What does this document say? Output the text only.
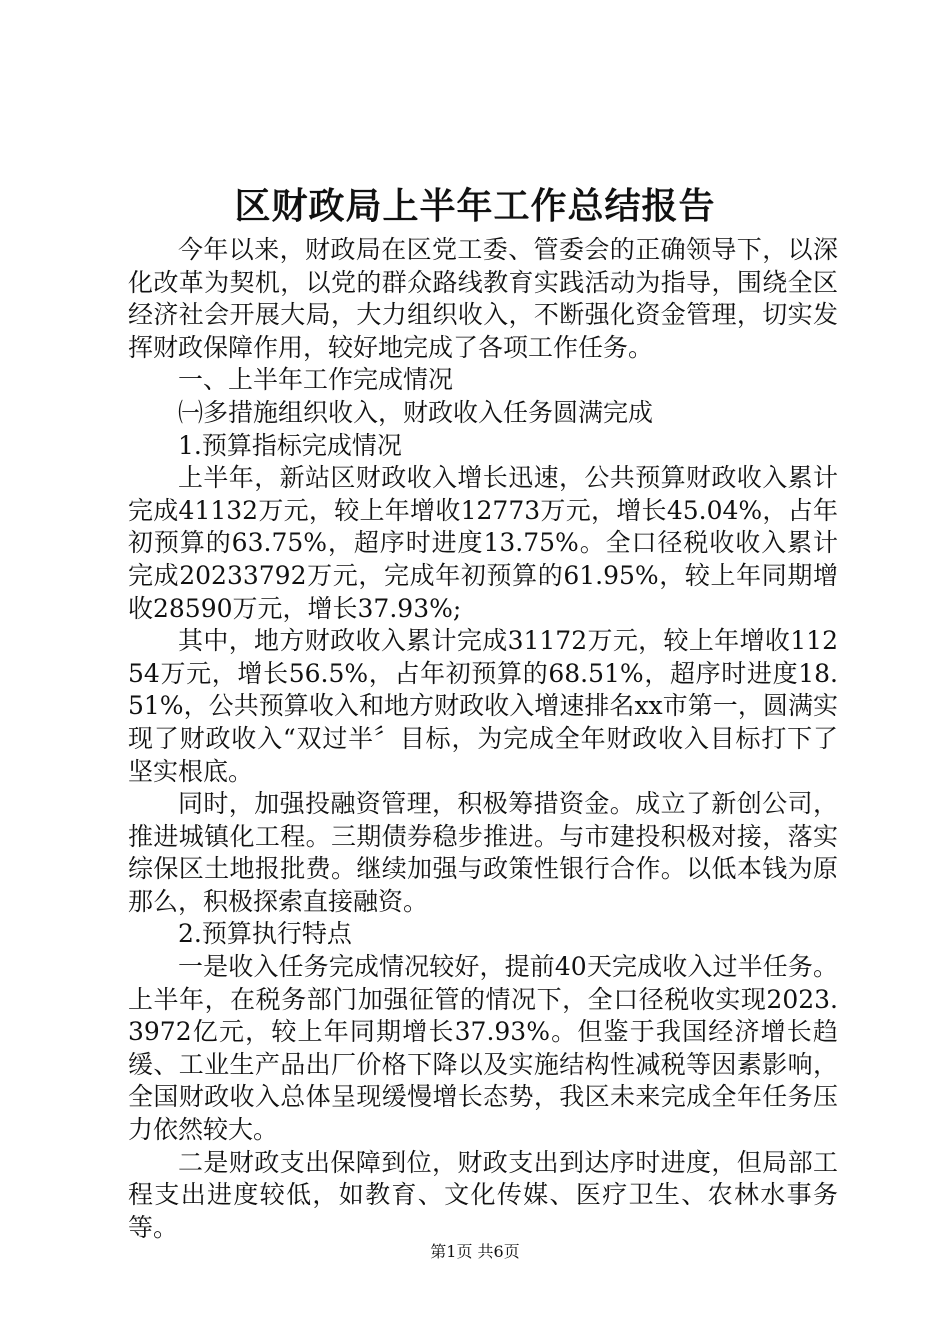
区财政局上半年工作总结报告

今年以来，财政局在区党工委、管委会的正确领导下，以深化改革为契机，以党的群众路线教育实践活动为指导，围绕全区经济社会开展大局，大力组织收入，不断强化资金管理，切实发挥财政保障作用，较好地完成了各项工作任务。

一、上半年工作完成情况

㈠多措施组织收入，财政收入任务圆满完成

1.预算指标完成情况

上半年，新站区财政收入增长迅速，公共预算财政收入累计完成41132万元，较上年增收12773万元，增长45.04%，占年初预算的63.75%，超序时进度13.75%。全口径税收收入累计完成20233792万元，完成年初预算的61.95%，较上年同期增收28590万元，增长37.93%;

其中，地方财政收入累计完成31172万元，较上年增收11254万元，增长56.5%，占年初预算的68.51%，超序时进度18.51%，公共预算收入和地方财政收入增速排名xx市第一，圆满实现了财政收入“双过半〞目标，为完成全年财政收入目标打下了坚实根底。

同时，加强投融资管理，积极筹措资金。成立了新创公司，推进城镇化工程。三期债券稳步推进。与市建投积极对接，落实综保区土地报批费。继续加强与政策性银行合作。以低本钱为原那么，积极探索直接融资。

2.预算执行特点

一是收入任务完成情况较好，提前40天完成收入过半任务。上半年，在税务部门加强征管的情况下，全口径税收实现2023.3972亿元，较上年同期增长37.93%。但鉴于我国经济增长趋缓、工业生产品出厂价格下降以及实施结构性减税等因素影响，全国财政收入总体呈现缓慢增长态势，我区未来完成全年任务压力依然较大。

二是财政支出保障到位，财政支出到达序时进度，但局部工程支出进度较低，如教育、文化传媒、医疗卫生、农林水事务等。

第1页 共6页
